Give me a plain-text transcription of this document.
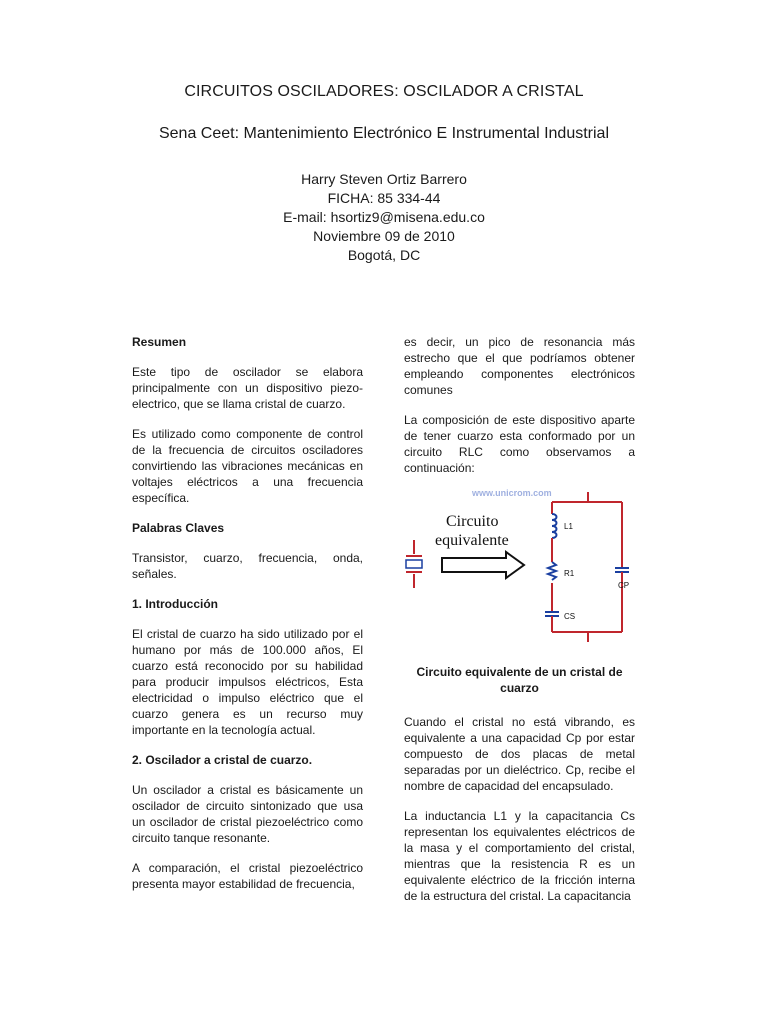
CIRCUITOS OSCILADORES: OSCILADOR A CRISTAL
Sena Ceet: Mantenimiento Electrónico E Instrumental Industrial
Harry Steven Ortiz Barrero
FICHA: 85 334-44
E-mail: hsortiz9@misena.edu.co
Noviembre 09 de 2010
Bogotá, DC
Resumen

Este tipo de oscilador se elabora principalmente con un dispositivo piezo-electrico, que se llama cristal de cuarzo.

Es utilizado como componente de control de la frecuencia de circuitos osciladores convirtiendo las vibraciones mecánicas en voltajes eléctricos a una frecuencia específica.

Palabras Claves

Transistor, cuarzo, frecuencia, onda, señales.

1. Introducción

El cristal de cuarzo ha sido utilizado por el humano por más de 100.000 años, El cuarzo está reconocido por su habilidad para producir impulsos eléctricos, Esta electricidad o impulso eléctrico que el cuarzo genera es un recurso muy importante en la tecnología actual.

2. Oscilador a cristal de cuarzo.

Un oscilador a cristal es básicamente un oscilador de circuito sintonizado que usa un oscilador de cristal piezoeléctrico como circuito tanque resonante.

A comparación, el cristal piezoeléctrico presenta mayor estabilidad de frecuencia,

es decir, un pico de resonancia más estrecho que el que podríamos obtener empleando componentes electrónicos comunes

La composición de este dispositivo aparte de tener cuarzo esta conformado por un circuito RLC como observamos a continuación:

www.unicrom.com
Circuito
equivalente
L1
R1
CS
CP
Circuito equivalente de un cristal de cuarzo

Cuando el cristal no está vibrando, es equivalente a una capacidad Cp por estar compuesto de dos placas de metal separadas por un dieléctrico. Cp, recibe el nombre de capacidad del encapsulado.

La inductancia L1 y la capacitancia Cs representan los equivalentes eléctricos de la masa y el comportamiento del cristal, mientras que la resistencia R es un equivalente eléctrico de la fricción interna de la estructura del cristal. La capacitancia
